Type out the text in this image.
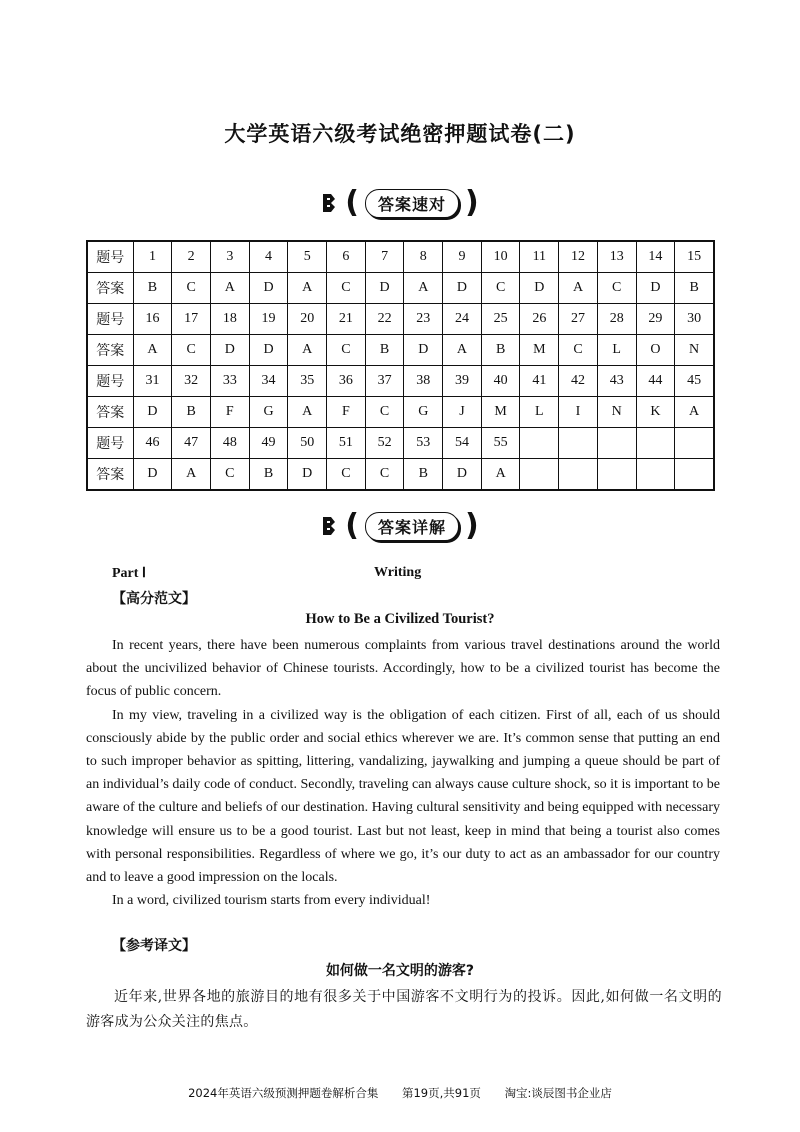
大学英语六级考试绝密押题试卷(二)
(	答案速对 )
题号	1	2	3	4	5	6	7	8	9	10	11	12	13	14	15
答案	B	C	A	D	A	C	D	A	D	C	D	A	C	D	B
题号	16	17	18	19	20	21	22	23	24	25	26	27	28	29	30
答案	A	C	D	D	A	C	B	D	A	B	M	C	L	O	N
题号	31	32	33	34	35	36	37	38	39	40	41	42	43	44	45
答案	D	B	F	G	A	F	C	G	J	M	L	I	N	K	A
题号	46	47	48	49	50	51	52	53	54	55					
答案	D	A	C	B	D	C	C	B	D	A					
(	答案详解 )
Part Ⅰ	Writing
【高分范文】
How to Be a Civilized Tourist?

In recent years, there have been numerous complaints from various travel destinations around the world about the uncivilized behavior of Chinese tourists. Accordingly, how to be a civilized tourist has become the focus of public concern.

In my view, traveling in a civilized way is the obligation of each citizen. First of all, each of us should consciously abide by the public order and social ethics wherever we are. It’s common sense that putting an end to such improper behavior as spitting, littering, vandalizing, jaywalking and jumping a queue should be part of an individual’s daily code of conduct. Secondly, traveling can always cause culture shock, so it is important to be aware of the culture and beliefs of our destination. Having cultural sensitivity and being equipped with necessary knowledge will ensure us to be a good tourist. Last but not least, keep in mind that being a tourist also comes with personal responsibilities. Regardless of where we go, it’s our duty to act as an ambassador for our country and to leave a good impression on the locals.

In a word, civilized tourism starts from every individual!

【参考译文】
如何做一名文明的游客?

近年来,世界各地的旅游目的地有很多关于中国游客不文明行为的投诉。因此,如何做一名文明的游客成为公众关注的焦点。

2024年英语六级预测押题卷解析合集 第19页,共91页 淘宝:谈辰图书企业店
